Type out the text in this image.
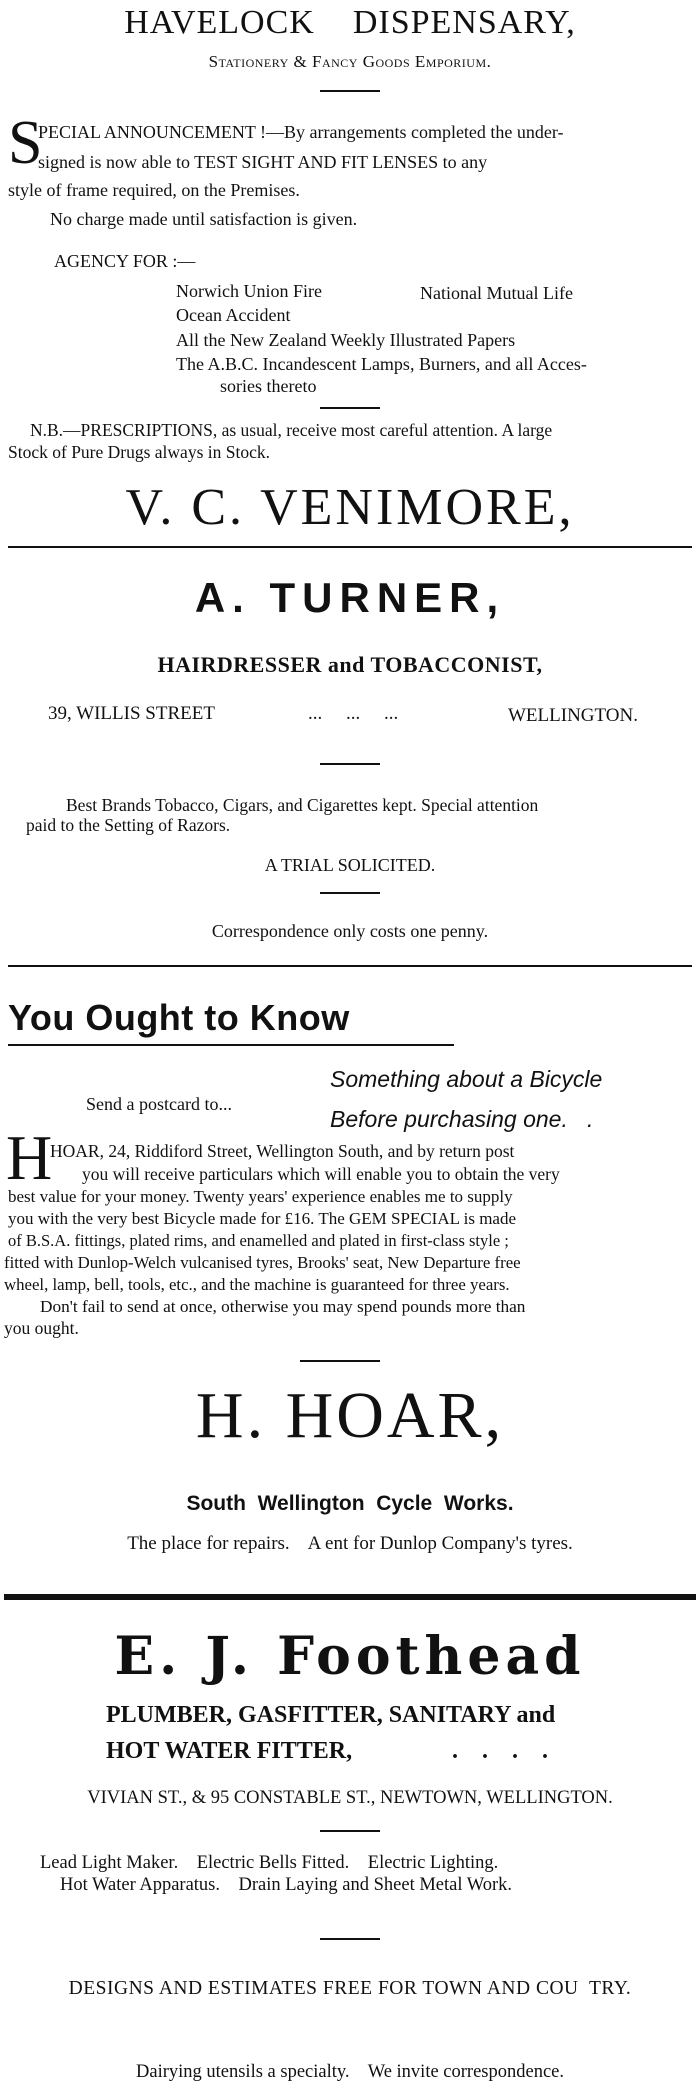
HAVELOCK    DISPENSARY,
Stationery & Fancy Goods Emporium.
S
PECIAL ANNOUNCEMENT !—By arrangements completed the under-
signed is now able to TEST SIGHT AND FIT LENSES to any
style of frame required, on the Premises.
No charge made until satisfaction is given.
AGENCY FOR :—
Norwich Union Fire	National Mutual Life
Ocean Accident
All the New Zealand Weekly Illustrated Papers
The A.B.C. Incandescent Lamps, Burners, and all Acces-
sories thereto
N.B.—PRESCRIPTIONS, as usual, receive most careful attention. A large
Stock of Pure Drugs always in Stock.
V. C. VENIMORE,
A. TURNER,
HAIRDRESSER and TOBACCONIST,
39, WILLIS STREET	...     ...     ...	WELLINGTON.
Best Brands Tobacco, Cigars, and Cigarettes kept. Special attention
paid to the Setting of Razors.
A TRIAL SOLICITED.
Correspondence only costs one penny.
You Ought to Know
Something about a Bicycle
Before purchasing one.   .
Send a postcard to...
H
HOAR, 24, Riddiford Street, Wellington South, and by return post
you will receive particulars which will enable you to obtain the very
best value for your money. Twenty years' experience enables me to supply
you with the very best Bicycle made for £16. The GEM SPECIAL is made
of B.S.A. fittings, plated rims, and enamelled and plated in first-class style ;
fitted with Dunlop-Welch vulcanised tyres, Brooks' seat, New Departure free
wheel, lamp, bell, tools, etc., and the machine is guaranteed for three years.
Don't fail to send at once, otherwise you may spend pounds more than
you ought.
H. HOAR,
South  Wellington  Cycle  Works.
The place for repairs.    A ent for Dunlop Company's tyres.
E. J. Foothead
PLUMBER, GASFITTER, SANITARY and
HOT WATER FITTER,	.    .    .    .
VIVIAN ST., & 95 CONSTABLE ST., NEWTOWN, WELLINGTON.
Lead Light Maker.    Electric Bells Fitted.    Electric Lighting.
Hot Water Apparatus.    Drain Laying and Sheet Metal Work.
DESIGNS AND ESTIMATES FREE FOR TOWN AND COU  TRY.
Dairying utensils a specialty.    We invite correspondence.
